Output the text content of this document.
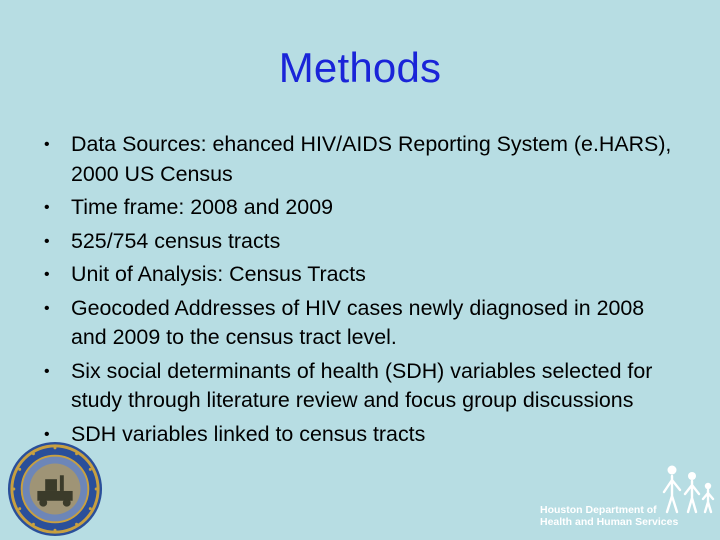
Methods
• Data Sources: ehanced HIV/AIDS Reporting System (e.HARS), 2000 US Census
• Time frame: 2008 and 2009
• 525/754 census tracts
• Unit of Analysis: Census Tracts
• Geocoded Addresses of HIV cases newly diagnosed in 2008 and 2009 to the census tract level.
• Six social determinants of health (SDH) variables selected for study through literature review and focus group discussions
• SDH variables linked to census tracts
Houston Department of
Health and Human Services
